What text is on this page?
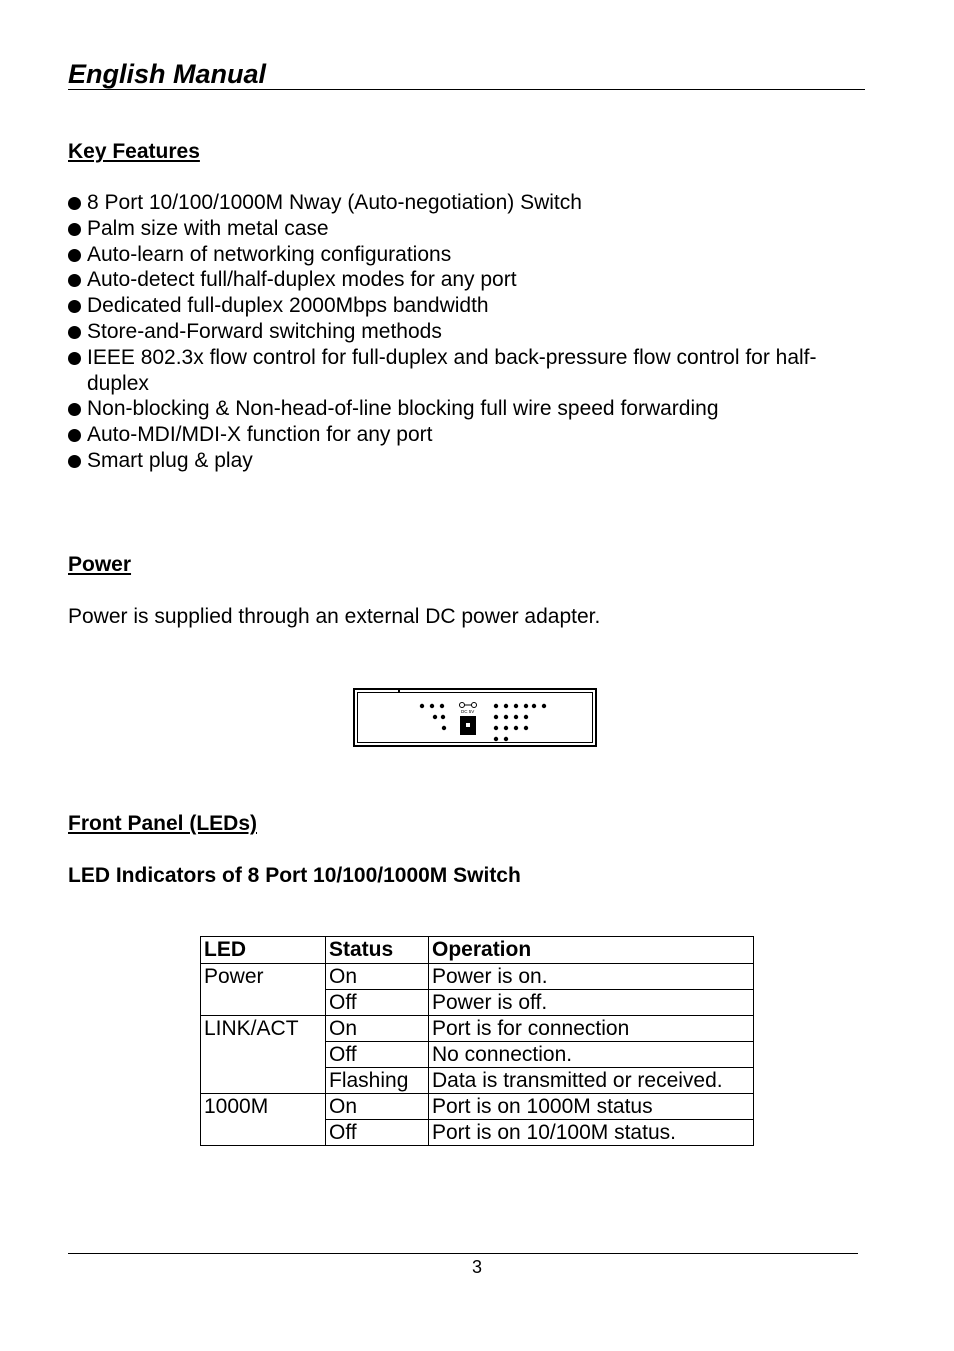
English Manual
Key Features
8 Port 10/100/1000M Nway (Auto-negotiation) Switch
Palm size with metal case
Auto-learn of networking configurations
Auto-detect full/half-duplex modes for any port
Dedicated full-duplex 2000Mbps bandwidth
Store-and-Forward switching methods
IEEE 802.3x flow control for full-duplex and back-pressure flow control for half-duplex
Non-blocking & Non-head-of-line blocking full wire speed forwarding
Auto-MDI/MDI-X function for any port
Smart plug & play
Power
Power is supplied through an external DC power adapter.
DC 5V
Front Panel (LEDs)
LED Indicators of 8 Port 10/100/1000M Switch
LED	Status	Operation
Power	On	Power is on.
	Off	Power is off.
LINK/ACT	On	Port is for connection
	Off	No connection.
	Flashing	Data is transmitted or received.
1000M	On	Port is on 1000M status
	Off	Port is on 10/100M status.
3
